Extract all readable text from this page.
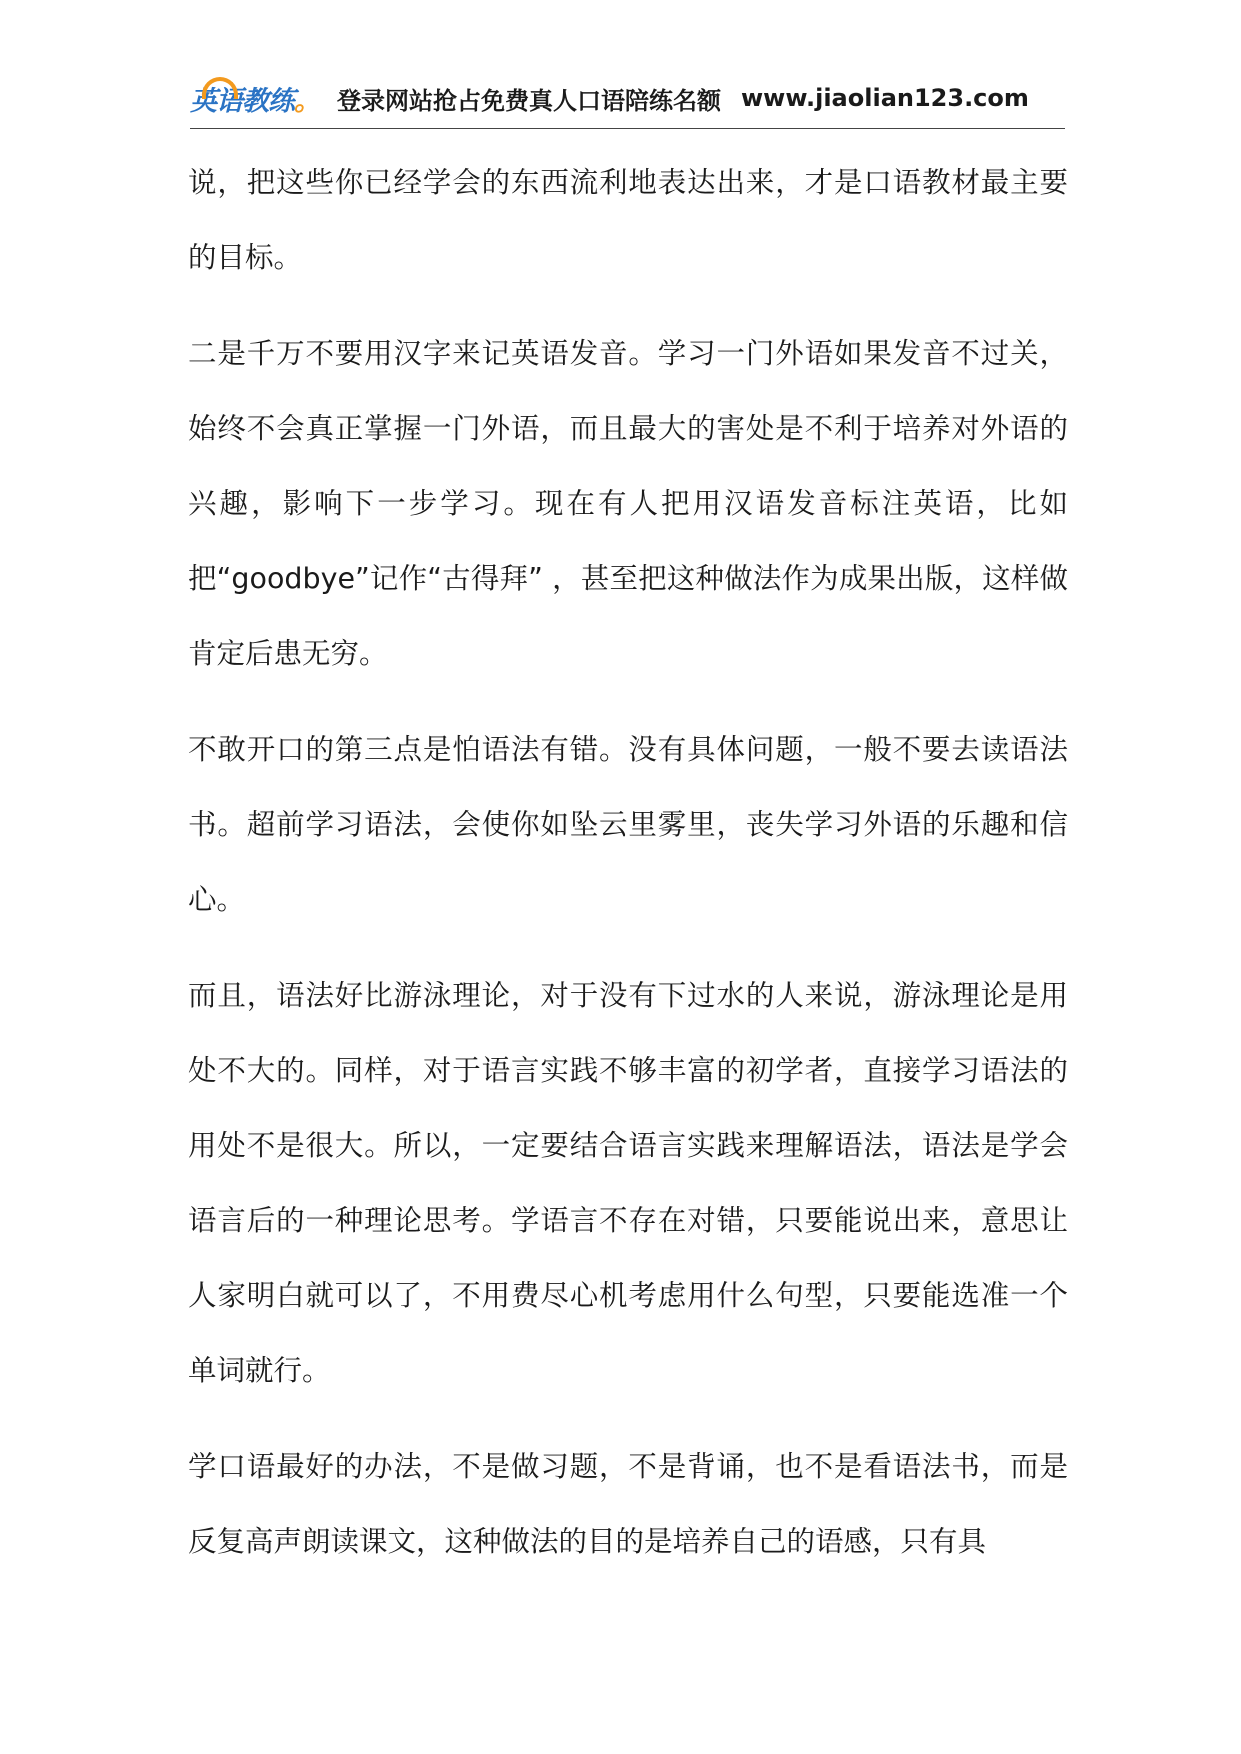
英语教练。 登录网站抢占免费真人口语陪练名额 www.jiaolian123.com

说，把这些你已经学会的东西流利地表达出来，才是口语教材最主要的目标。

二是千万不要用汉字来记英语发音。学习一门外语如果发音不过关，始终不会真正掌握一门外语，而且最大的害处是不利于培养对外语的兴趣，影响下一步学习。现在有人把用汉语发音标注英语，比如把“goodbye”记作“古得拜” ，甚至把这种做法作为成果出版，这样做肯定后患无穷。

不敢开口的第三点是怕语法有错。没有具体问题，一般不要去读语法书。超前学习语法，会使你如坠云里雾里，丧失学习外语的乐趣和信心。

而且，语法好比游泳理论，对于没有下过水的人来说，游泳理论是用处不大的。同样，对于语言实践不够丰富的初学者，直接学习语法的用处不是很大。所以，一定要结合语言实践来理解语法，语法是学会语言后的一种理论思考。学语言不存在对错，只要能说出来，意思让人家明白就可以了，不用费尽心机考虑用什么句型，只要能选准一个单词就行。

学口语最好的办法，不是做习题，不是背诵，也不是看语法书，而是反复高声朗读课文，这种做法的目的是培养自己的语感，只有具
